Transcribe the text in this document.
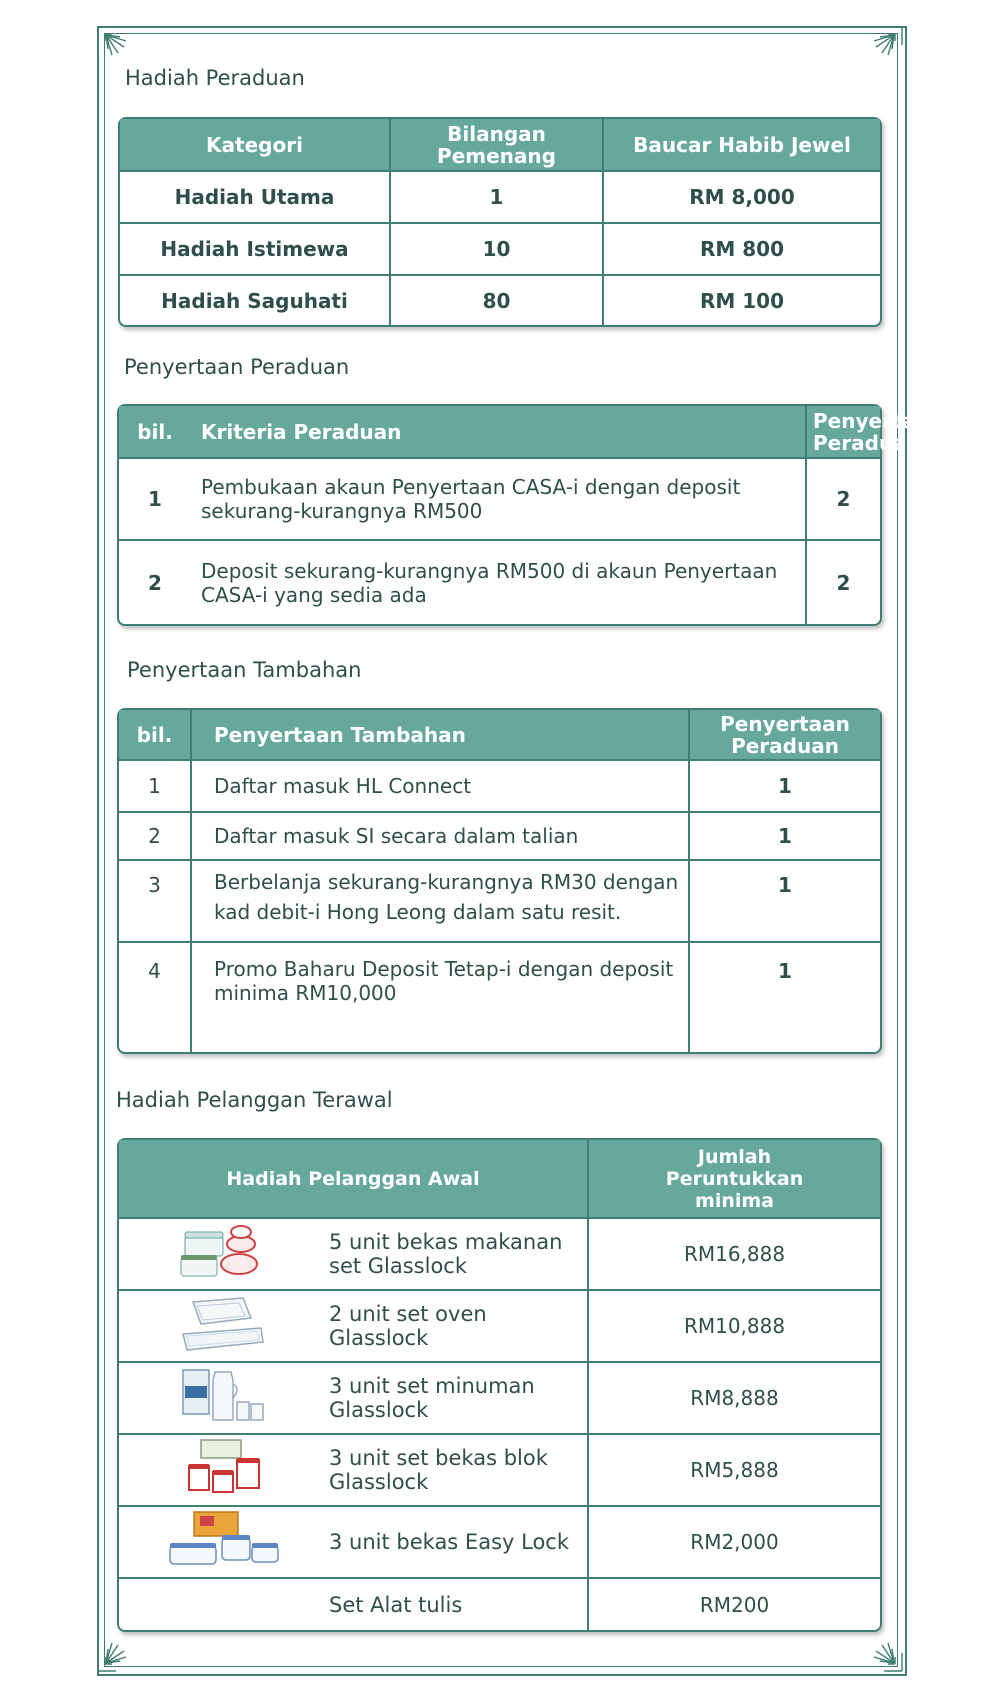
Hadiah Peraduan
Kategori	Bilangan Pemenang	Baucar Habib Jewel
Hadiah Utama	1	RM 8,000
Hadiah Istimewa	10	RM 800
Hadiah Saguhati	80	RM 100
Penyertaan Peraduan
bil.	Kriteria Peraduan	Penyertaan Peraduan
1	Pembukaan akaun Penyertaan CASA-i dengan deposit sekurang-kurangnya RM500	2
2	Deposit sekurang-kurangnya RM500 di akaun Penyertaan CASA-i yang sedia ada	2
Penyertaan Tambahan
bil.	Penyertaan Tambahan	Penyertaan Peraduan
1	Daftar masuk HL Connect	1
2	Daftar masuk SI secara dalam talian	1
3	Berbelanja sekurang-kurangnya RM30 dengan kad debit-i Hong Leong dalam satu resit.	1
4	Promo Baharu Deposit Tetap-i dengan deposit minima RM10,000	1
Hadiah Pelanggan Terawal
Hadiah Pelanggan Awal		Jumlah Peruntukkan minima
	5 unit bekas makanan set Glasslock	RM16,888
	2 unit set oven Glasslock	RM10,888
	3 unit set minuman Glasslock	RM8,888
	3 unit set bekas blok Glasslock	RM5,888
	3 unit bekas Easy Lock	RM2,000
	Set Alat tulis	RM200
